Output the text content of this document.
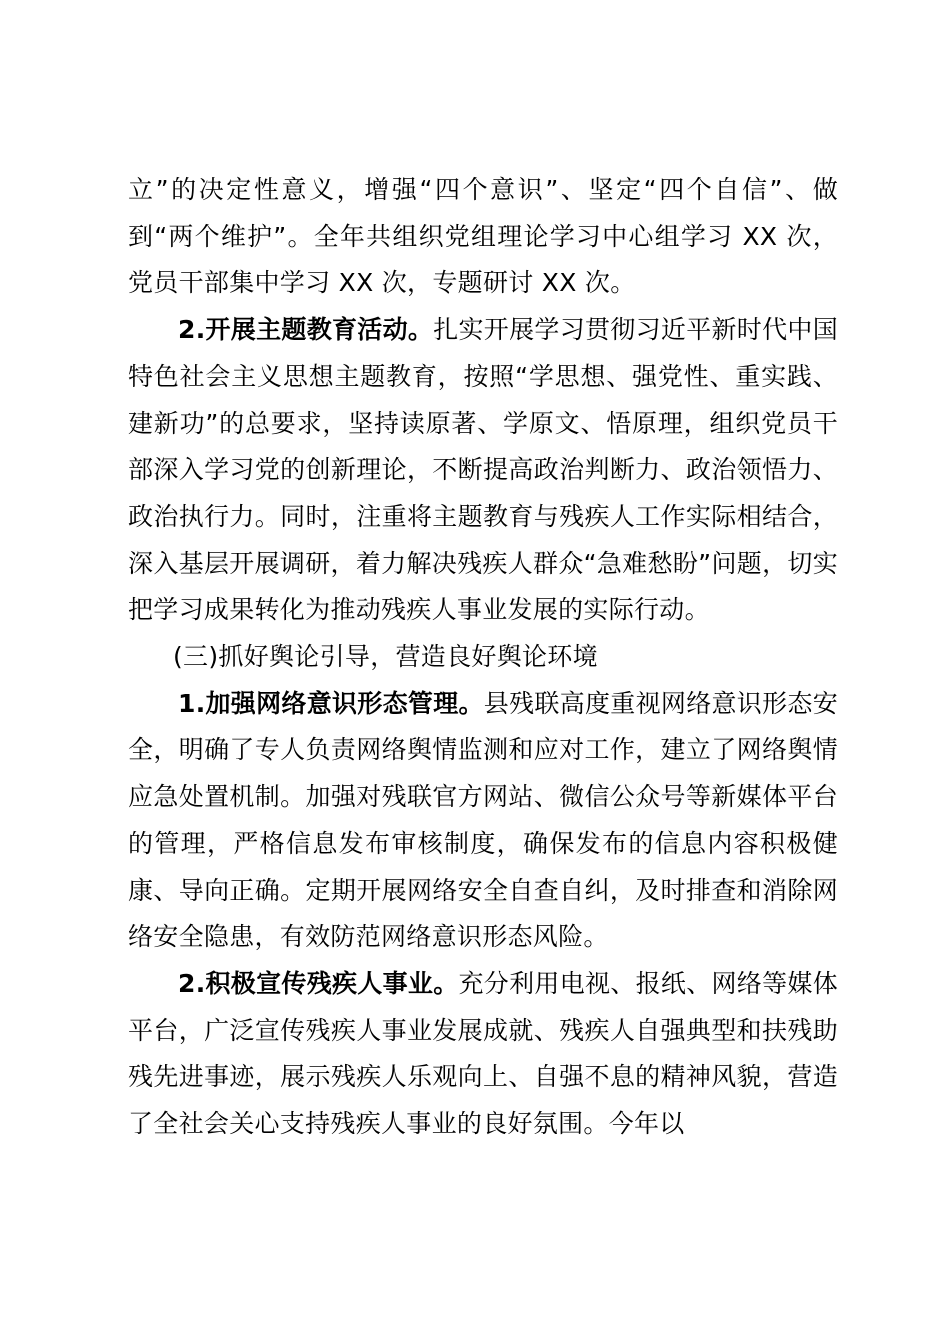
立”的决定性意义，增强“四个意识”、坚定“四个自信”、做到“两个维护”。全年共组织党组理论学习中心组学习 XX 次，党员干部集中学习 XX 次，专题研讨 XX 次。

2.开展主题教育活动。扎实开展学习贯彻习近平新时代中国特色社会主义思想主题教育，按照“学思想、强党性、重实践、建新功”的总要求，坚持读原著、学原文、悟原理，组织党员干部深入学习党的创新理论，不断提高政治判断力、政治领悟力、政治执行力。同时，注重将主题教育与残疾人工作实际相结合，深入基层开展调研，着力解决残疾人群众“急难愁盼”问题，切实把学习成果转化为推动残疾人事业发展的实际行动。

(三)抓好舆论引导，营造良好舆论环境

1.加强网络意识形态管理。县残联高度重视网络意识形态安全，明确了专人负责网络舆情监测和应对工作，建立了网络舆情应急处置机制。加强对残联官方网站、微信公众号等新媒体平台的管理，严格信息发布审核制度，确保发布的信息内容积极健康、导向正确。定期开展网络安全自查自纠，及时排查和消除网络安全隐患，有效防范网络意识形态风险。

2.积极宣传残疾人事业。充分利用电视、报纸、网络等媒体平台，广泛宣传残疾人事业发展成就、残疾人自强典型和扶残助残先进事迹，展示残疾人乐观向上、自强不息的精神风貌，营造了全社会关心支持残疾人事业的良好氛围。今年以
